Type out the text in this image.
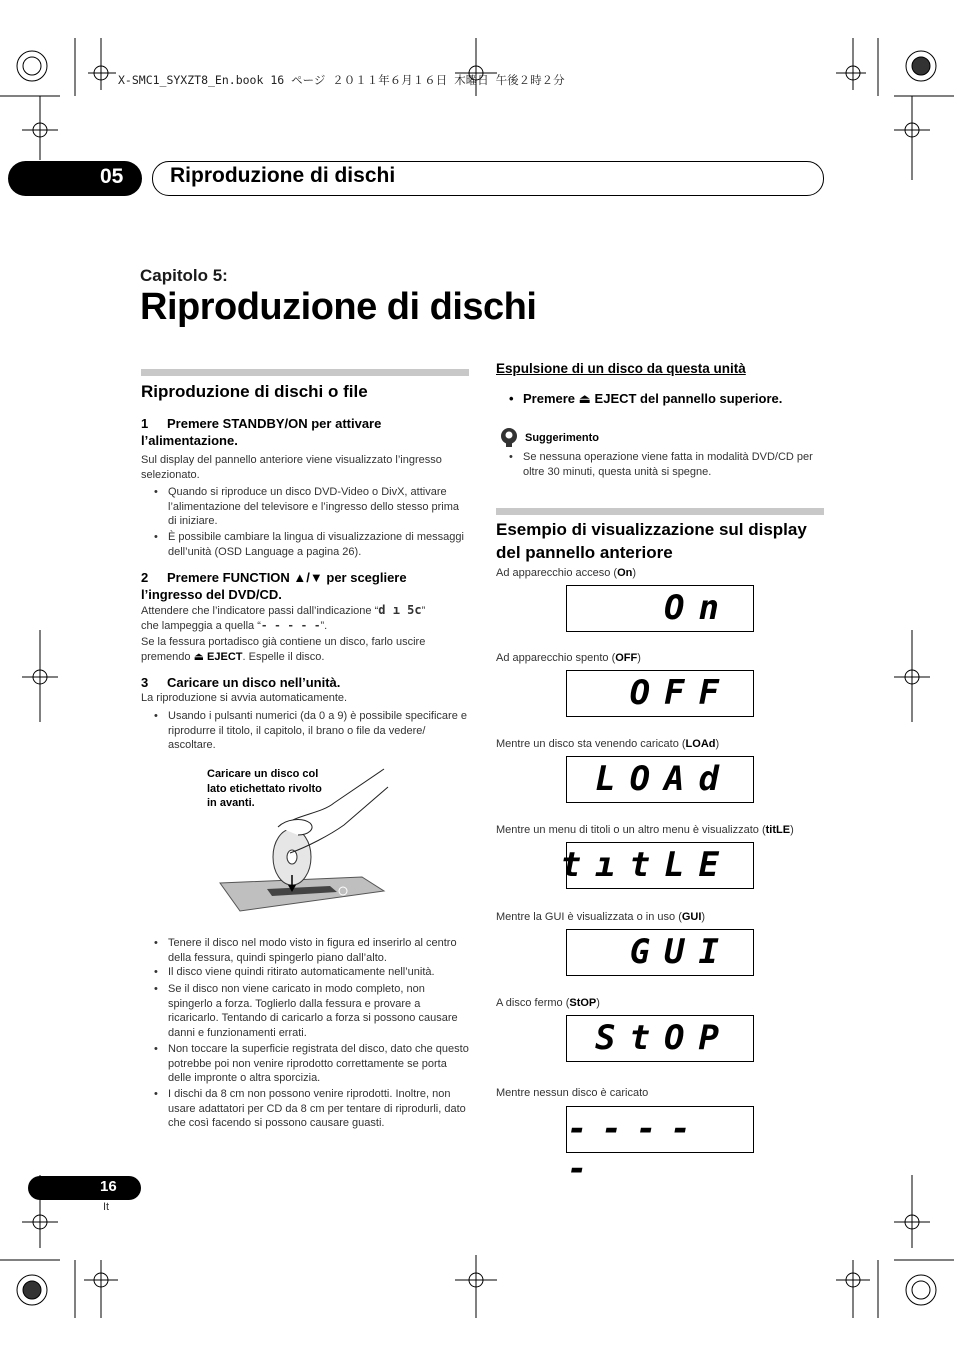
X-SMC1_SYXZT8_En.book 16 ページ ２０１１年６月１６日 木曜日 午後２時２分
05 Riproduzione di dischi
Capitolo 5:
Riproduzione di dischi
Riproduzione di dischi o file
1 Premere STANDBY/ON per attivare l’alimentazione.
Sul display del pannello anteriore viene visualizzato l’ingresso selezionato.
• Quando si riproduce un disco DVD-Video o DivX, attivare l’alimentazione del televisore e l’ingresso dello stesso prima di iniziare.
• È possibile cambiare la lingua di visualizzazione di messaggi dell’unità (OSD Language a pagina 26).
2 Premere FUNCTION ▲/▼ per scegliere l’ingresso del DVD/CD.
Attendere che l’indicatore passi dall’indicazione “d ı 5c”
che lampeggia a quella “- - - - -”.
Se la fessura portadisco già contiene un disco, farlo uscire premendo ⏏ EJECT. Espelle il disco.
3 Caricare un disco nell’unità.
La riproduzione si avvia automaticamente.
• Usando i pulsanti numerici (da 0 a 9) è possibile specificare e riprodurre il titolo, il capitolo, il brano o file da vedere/ ascoltare.
Caricare un disco col lato etichettato rivolto in avanti.
• Tenere il disco nel modo visto in figura ed inserirlo al centro della fessura, quindi spingerlo piano dall’alto.
• Il disco viene quindi ritirato automaticamente nell’unità.
• Se il disco non viene caricato in modo completo, non spingerlo a forza. Toglierlo dalla fessura e provare a ricaricarlo. Tentando di caricarlo a forza si possono causare danni e funzionamenti errati.
• Non toccare la superficie registrata del disco, dato che questo potrebbe poi non venire riprodotto correttamente se porta delle impronte o altra sporcizia.
• I dischi da 8 cm non possono venire riprodotti. Inoltre, non usare adattatori per CD da 8 cm per tentare di riprodurli, dato che così facendo si possono causare guasti.
Espulsione di un disco da questa unità
• Premere ⏏ EJECT del pannello superiore.
Suggerimento
• Se nessuna operazione viene fatta in modalità DVD/CD per oltre 30 minuti, questa unità si spegne.
Esempio di visualizzazione sul display del pannello anteriore
Ad apparecchio acceso (On)
On
Ad apparecchio spento (OFF)
OFF
Mentre un disco sta venendo caricato (LOAd)
LOAd
Mentre un menu di titoli o un altro menu è visualizzato (titLE)
tıtLE
Mentre la GUI è visualizzata o in uso (GUI)
GUI
A disco fermo (StOP)
StOP
Mentre nessun disco è caricato
-----
16
It
